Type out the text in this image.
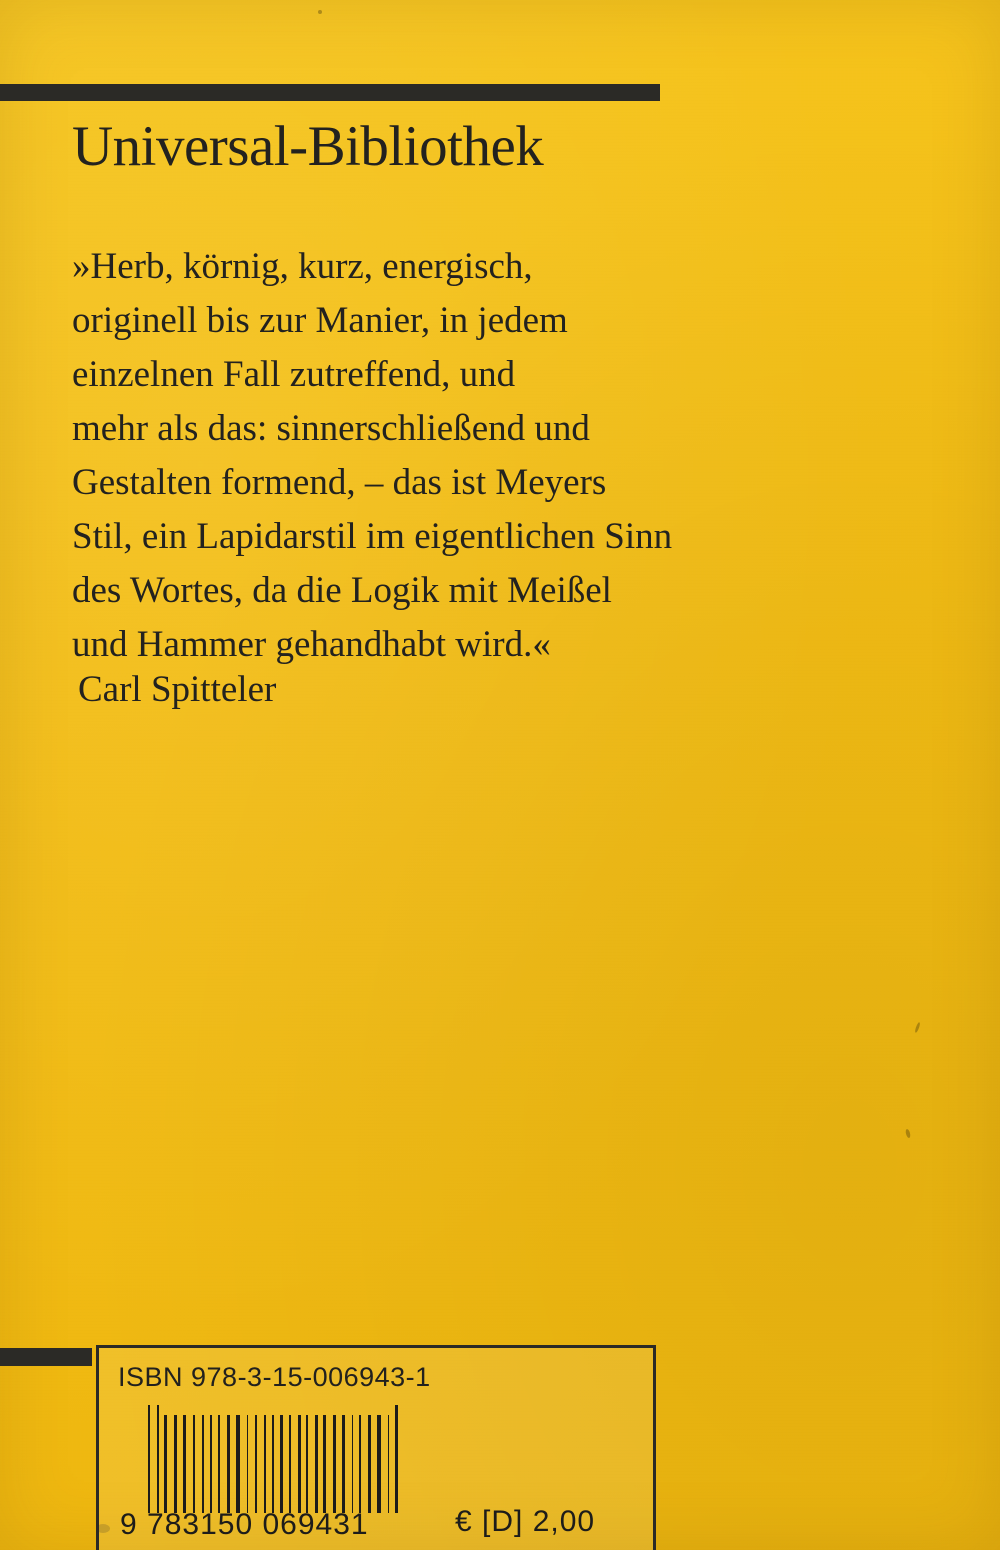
Universal-Bibliothek
»Herb, körnig, kurz, energisch,
originell bis zur Manier, in jedem
einzelnen Fall zutreffend, und
mehr als das: sinnerschließend und
Gestalten formend, – das ist Meyers
Stil, ein Lapidarstil im eigentlichen Sinn
des Wortes, da die Logik mit Meißel
und Hammer gehandhabt wird.«
Carl Spitteler
ISBN 978-3-15-006943-1
9 783150 069431	€ [D] 2,00
